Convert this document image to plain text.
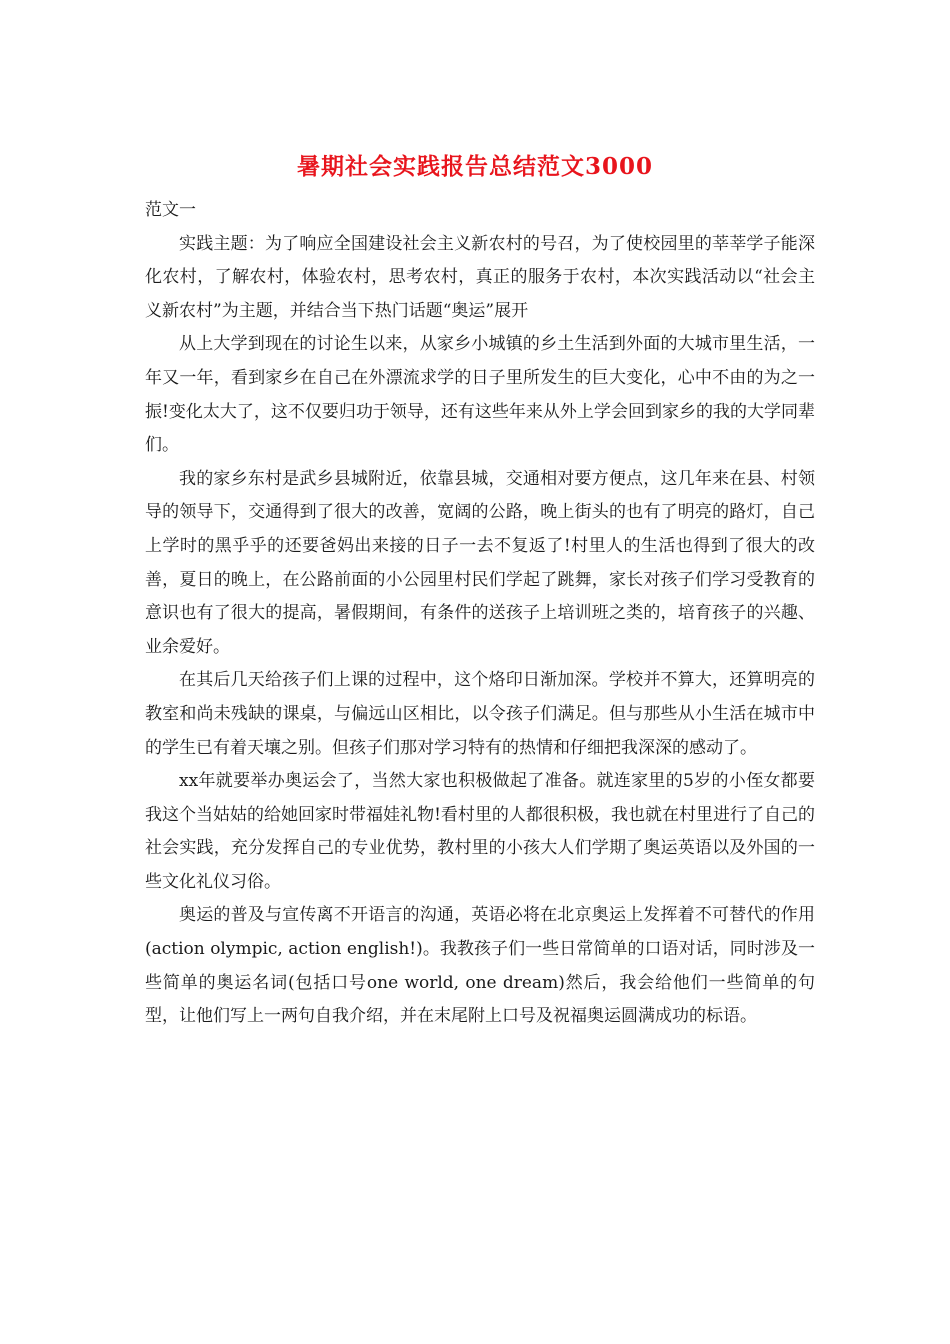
暑期社会实践报告总结范文3000

范文一

实践主题：为了响应全国建设社会主义新农村的号召，为了使校园里的莘莘学子能深化农村，了解农村，体验农村，思考农村，真正的服务于农村，本次实践活动以“社会主义新农村”为主题，并结合当下热门话题“奥运”展开

从上大学到现在的讨论生以来，从家乡小城镇的乡土生活到外面的大城市里生活，一年又一年，看到家乡在自己在外漂流求学的日子里所发生的巨大变化，心中不由的为之一振!变化太大了，这不仅要归功于领导，还有这些年来从外上学会回到家乡的我的大学同辈们。

我的家乡东村是武乡县城附近，依靠县城，交通相对要方便点，这几年来在县、村领导的领导下，交通得到了很大的改善，宽阔的公路，晚上街头的也有了明亮的路灯，自己上学时的黑乎乎的还要爸妈出来接的日子一去不复返了!村里人的生活也得到了很大的改善，夏日的晚上，在公路前面的小公园里村民们学起了跳舞，家长对孩子们学习受教育的意识也有了很大的提高，暑假期间，有条件的送孩子上培训班之类的，培育孩子的兴趣、业余爱好。

在其后几天给孩子们上课的过程中，这个烙印日渐加深。学校并不算大，还算明亮的教室和尚未残缺的课桌，与偏远山区相比，以令孩子们满足。但与那些从小生活在城市中的学生已有着天壤之别。但孩子们那对学习特有的热情和仔细把我深深的感动了。

xx年就要举办奥运会了，当然大家也积极做起了准备。就连家里的5岁的小侄女都要我这个当姑姑的给她回家时带福娃礼物!看村里的人都很积极，我也就在村里进行了自己的社会实践，充分发挥自己的专业优势，教村里的小孩大人们学期了奥运英语以及外国的一些文化礼仪习俗。

奥运的普及与宣传离不开语言的沟通，英语必将在北京奥运上发挥着不可替代的作用(action olympic, action english!)。我教孩子们一些日常简单的口语对话，同时涉及一些简单的奥运名词(包括口号one world, one dream)然后，我会给他们一些简单的句型，让他们写上一两句自我介绍，并在末尾附上口号及祝福奥运圆满成功的标语。
